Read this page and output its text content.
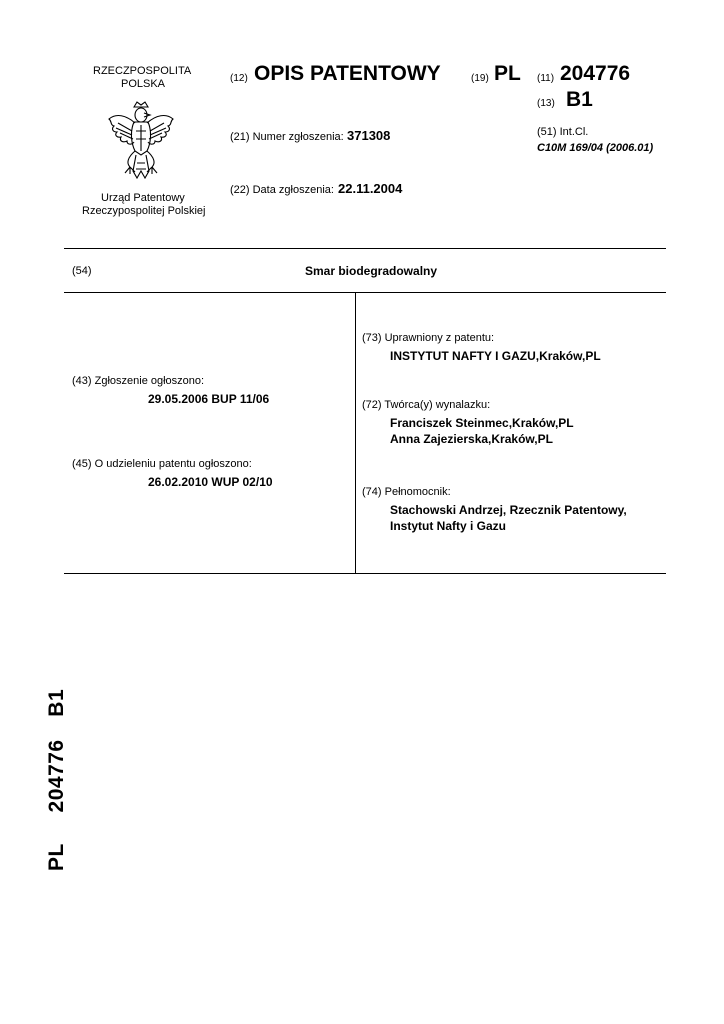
RZECZPOSPOLITA
POLSKA
Urząd Patentowy
Rzeczypospolitej Polskiej
(12) OPIS PATENTOWY	(19) PL
(21) Numer zgłoszenia: 371308
(22) Data zgłoszenia: 22.11.2004
(11) 204776
(13) B1
(51) Int.Cl.
C10M 169/04 (2006.01)
(54)	Smar biodegradowalny
(43) Zgłoszenie ogłoszono:
29.05.2006 BUP 11/06
(45) O udzieleniu patentu ogłoszono:
26.02.2010 WUP 02/10
(73) Uprawniony z patentu:
INSTYTUT NAFTY I GAZU,Kraków,PL
(72) Twórca(y) wynalazku:
Franciszek Steinmec,Kraków,PL
Anna Zajezierska,Kraków,PL
(74) Pełnomocnik:
Stachowski Andrzej, Rzecznik Patentowy,
Instytut Nafty i Gazu
PL  204776  B1
